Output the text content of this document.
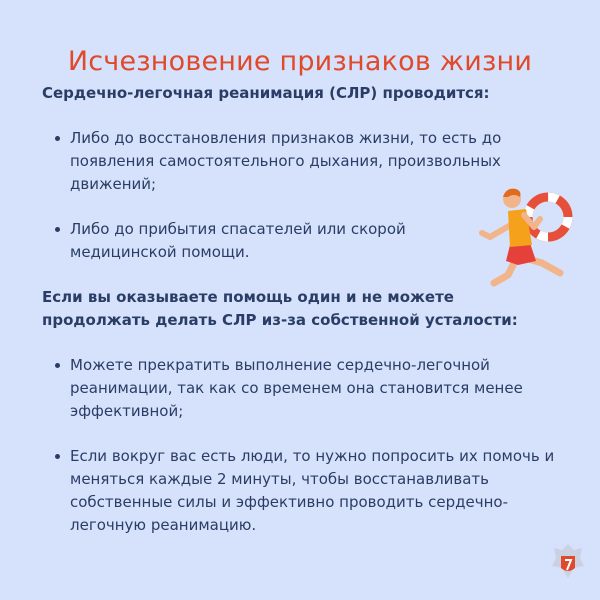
Исчезновение признаков жизни

Сердечно-легочная реанимация (СЛР) проводится:

Либо до восстановления признаков жизни, то есть до появления самостоятельного дыхания, произвольных движений;
Либо до прибытия спасателей или скорой медицинской помощи.

Если вы оказываете помощь один и не можете продолжать делать СЛР из-за собственной усталости:

Можете прекратить выполнение сердечно-легочной реанимации, так как со временем она становится менее эффективной;
Если вокруг вас есть люди, то нужно попросить их помочь и меняться каждые 2 минуты, чтобы восстанавливать собственные силы и эффективно проводить сердечно-легочную реанимацию.
